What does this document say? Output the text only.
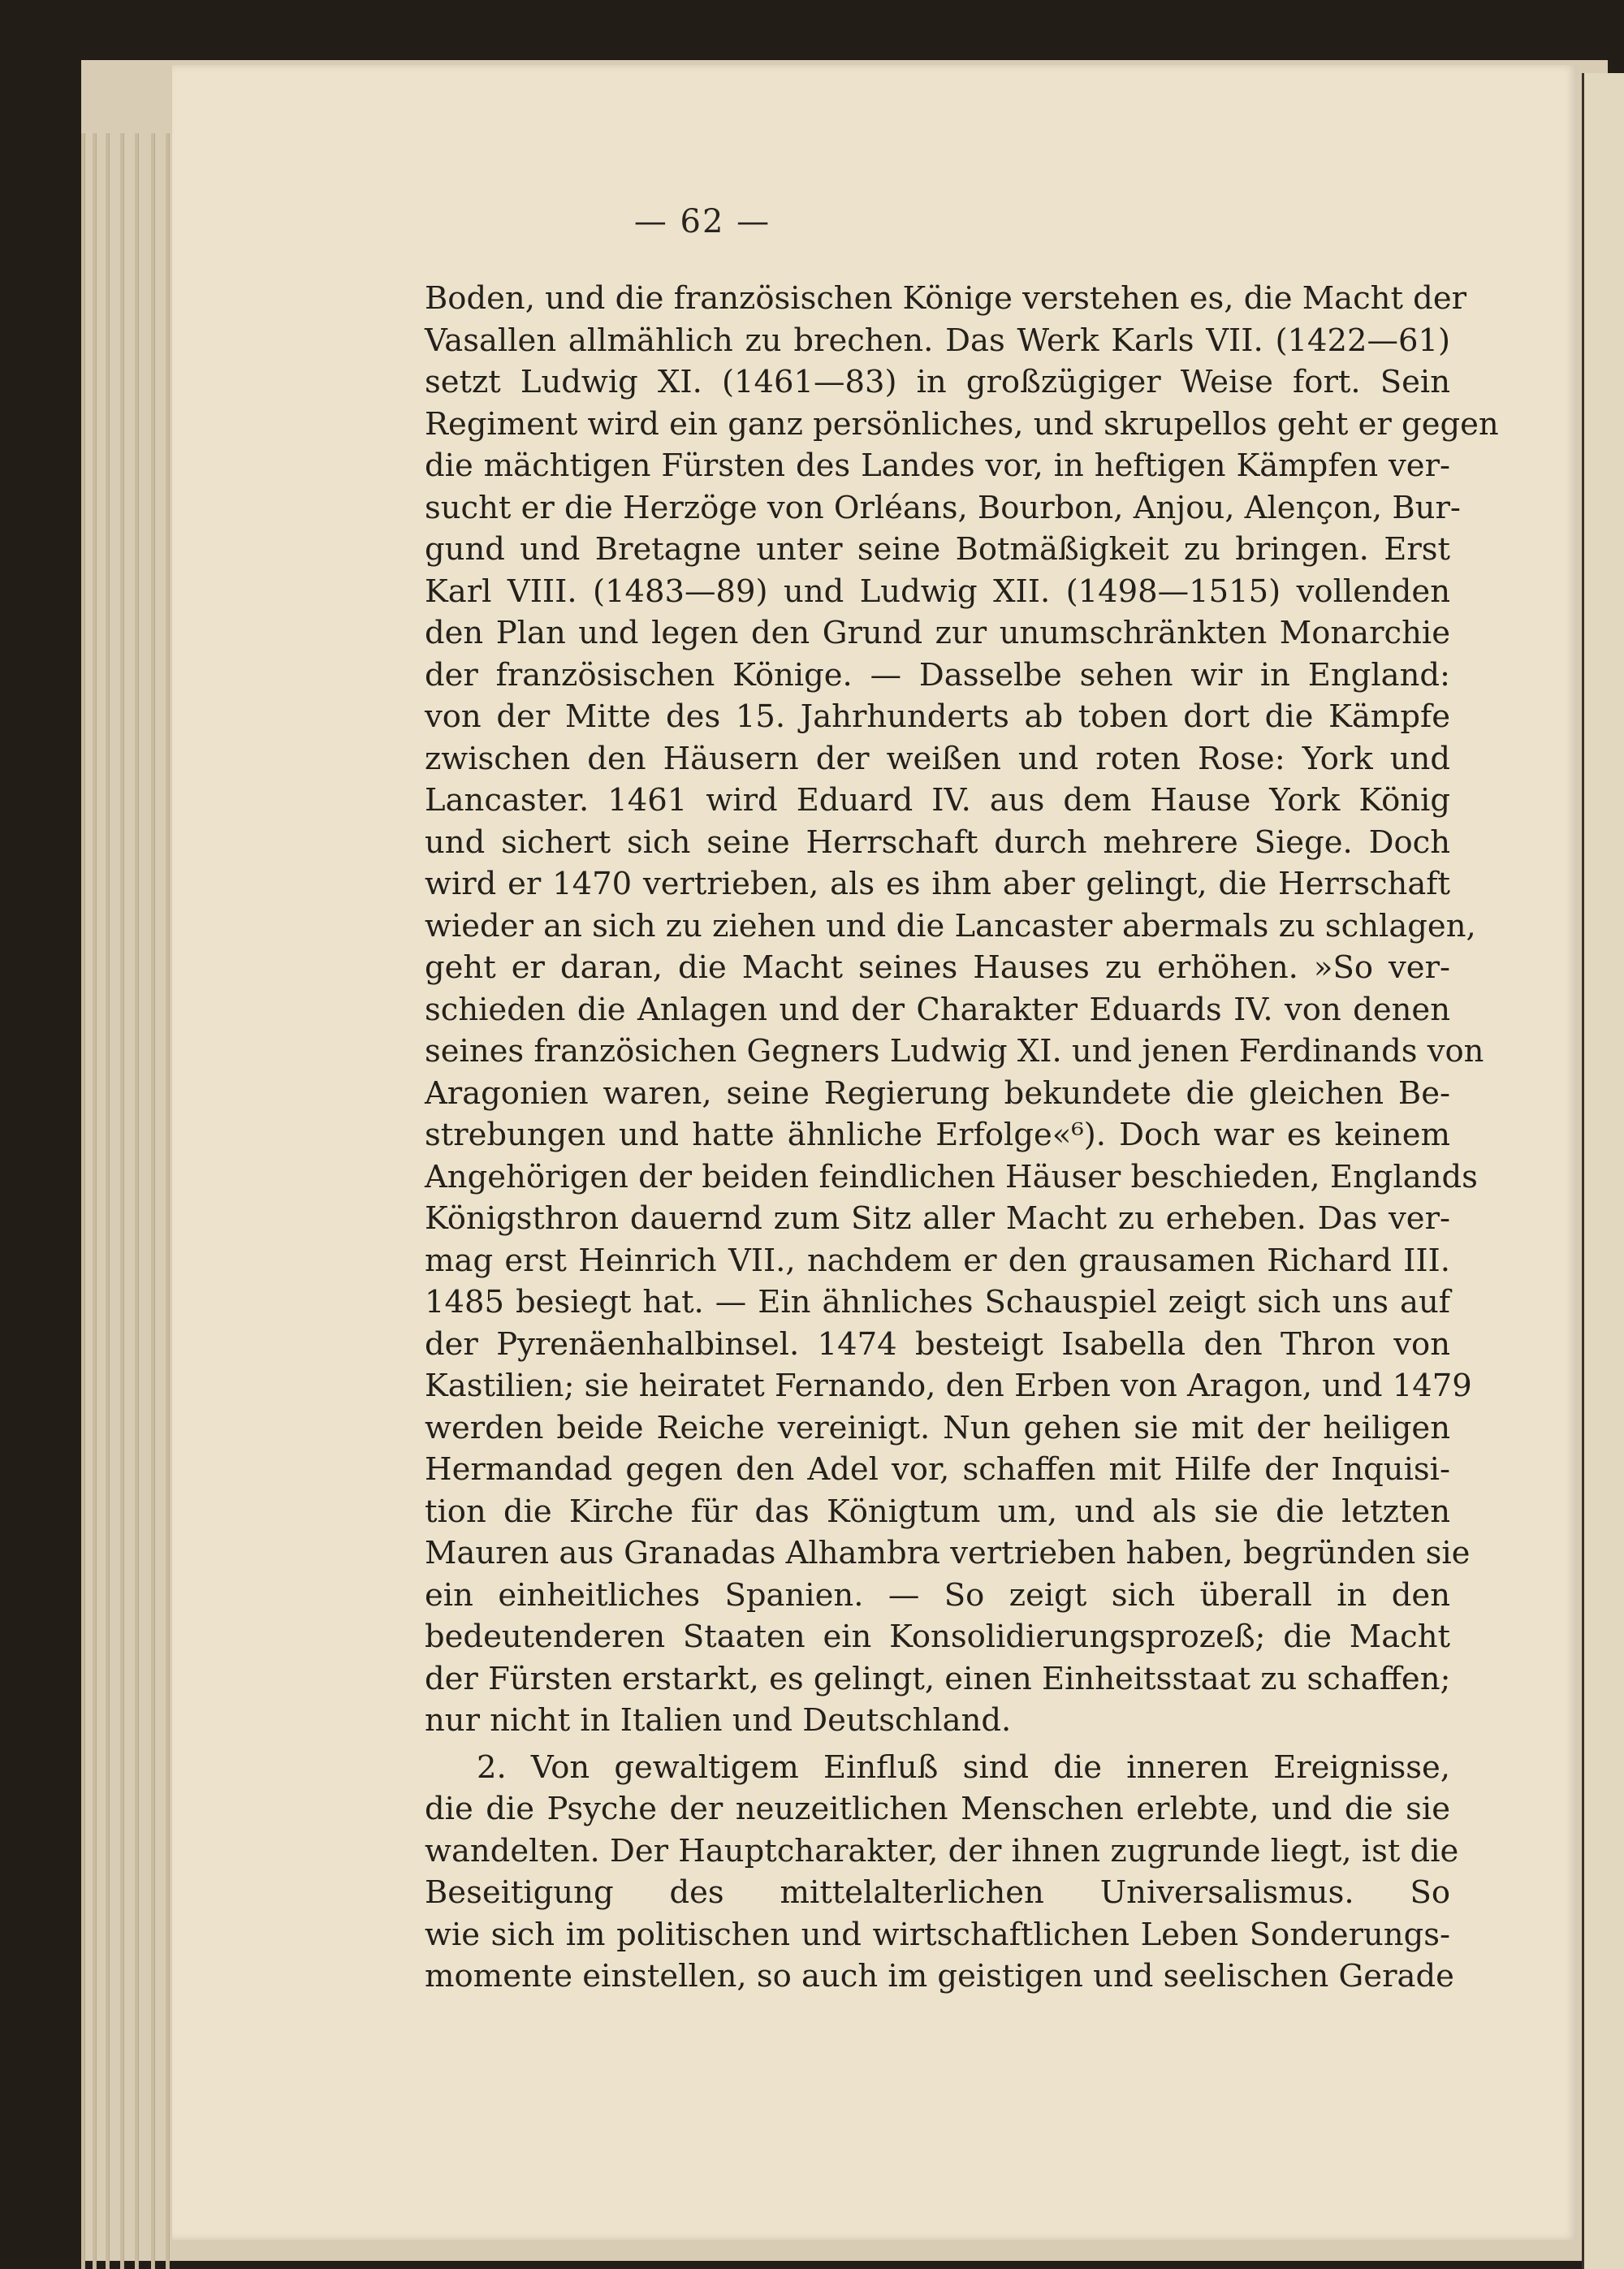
— 62 —
Boden, und die französischen Könige verstehen es, die Macht der
Vasallen allmählich zu brechen. Das Werk Karls VII. (1422—61)
setzt Ludwig XI. (1461—83) in großzügiger Weise fort. Sein
Regiment wird ein ganz persönliches, und skrupellos geht er gegen
die mächtigen Fürsten des Landes vor, in heftigen Kämpfen ver-
sucht er die Herzöge von Orléans, Bourbon, Anjou, Alençon, Bur-
gund und Bretagne unter seine Botmäßigkeit zu bringen. Erst
Karl VIII. (1483—89) und Ludwig XII. (1498—1515) vollenden
den Plan und legen den Grund zur unumschränkten Monarchie
der französischen Könige. — Dasselbe sehen wir in England:
von der Mitte des 15. Jahrhunderts ab toben dort die Kämpfe
zwischen den Häusern der weißen und roten Rose: York und
Lancaster. 1461 wird Eduard IV. aus dem Hause York König
und sichert sich seine Herrschaft durch mehrere Siege. Doch
wird er 1470 vertrieben, als es ihm aber gelingt, die Herrschaft
wieder an sich zu ziehen und die Lancaster abermals zu schlagen,
geht er daran, die Macht seines Hauses zu erhöhen. »So ver-
schieden die Anlagen und der Charakter Eduards IV. von denen
seines französichen Gegners Ludwig XI. und jenen Ferdinands von
Aragonien waren, seine Regierung bekundete die gleichen Be-
strebungen und hatte ähnliche Erfolge«⁶). Doch war es keinem
Angehörigen der beiden feindlichen Häuser beschieden, Englands
Königsthron dauernd zum Sitz aller Macht zu erheben. Das ver-
mag erst Heinrich VII., nachdem er den grausamen Richard III.
1485 besiegt hat. — Ein ähnliches Schauspiel zeigt sich uns auf
der Pyrenäenhalbinsel. 1474 besteigt Isabella den Thron von
Kastilien; sie heiratet Fernando, den Erben von Aragon, und 1479
werden beide Reiche vereinigt. Nun gehen sie mit der heiligen
Hermandad gegen den Adel vor, schaffen mit Hilfe der Inquisi-
tion die Kirche für das Königtum um, und als sie die letzten
Mauren aus Granadas Alhambra vertrieben haben, begründen sie
ein einheitliches Spanien. — So zeigt sich überall in den
bedeutenderen Staaten ein Konsolidierungsprozeß; die Macht
der Fürsten erstarkt, es gelingt, einen Einheitsstaat zu schaffen;
nur nicht in Italien und Deutschland.
2. Von gewaltigem Einfluß sind die inneren Ereignisse,
die die Psyche der neuzeitlichen Menschen erlebte, und die sie
wandelten. Der Hauptcharakter, der ihnen zugrunde liegt, ist die
Beseitigung des mittelalterlichen Universalismus. So
wie sich im politischen und wirtschaftlichen Leben Sonderungs-
momente einstellen, so auch im geistigen und seelischen Gerade
